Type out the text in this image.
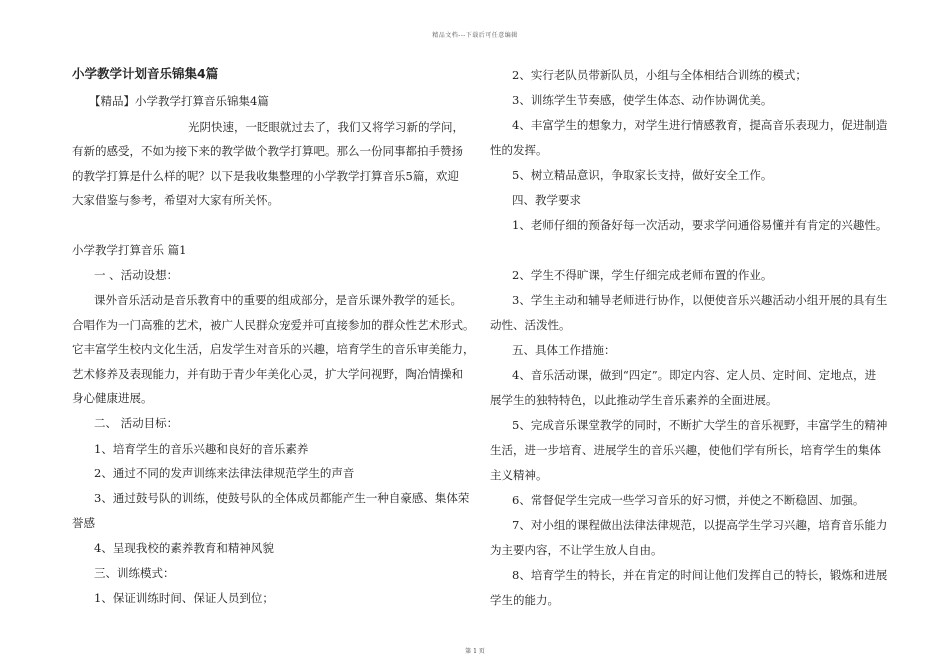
精品文档---下载后可任意编辑
小学教学计划音乐锦集4篇
【精品】小学教学打算音乐锦集4篇
光阴快速，一眨眼就过去了，我们又将学习新的学问，
有新的感受，不如为接下来的教学做个教学打算吧。那么一份同事都拍手赞扬
的教学打算是什么样的呢？以下是我收集整理的小学教学打算音乐5篇，欢迎
大家借鉴与参考，希望对大家有所关怀。
小学教学打算音乐 篇1
一 、活动设想：
课外音乐活动是音乐教育中的重要的组成部分，是音乐课外教学的延长。
合唱作为一门高雅的艺术，被广人民群众宠爱并可直接参加的群众性艺术形式。
它丰富学生校内文化生活，启发学生对音乐的兴趣，培育学生的音乐审美能力，
艺术修养及表现能力，并有助于青少年美化心灵，扩大学问视野，陶冶情操和
身心健康进展。
二、 活动目标：
1、培育学生的音乐兴趣和良好的音乐素养
2、通过不同的发声训练来法律法律规范学生的声音
3、通过鼓号队的训练，使鼓号队的全体成员都能产生一种自豪感、集体荣
誉感
4、呈现我校的素养教育和精神风貌
三、训练模式：
1、保证训练时间、保证人员到位；
2、实行老队员带新队员，小组与全体相结合训练的模式；
3、训练学生节奏感，使学生体态、动作协调优美。
4、丰富学生的想象力，对学生进行情感教育，提高音乐表现力，促进制造
性的发挥。
5、树立精品意识，争取家长支持，做好安全工作。
四、教学要求
1、老师仔细的预备好每一次活动，要求学问通俗易懂并有肯定的兴趣性。
2、学生不得旷课，学生仔细完成老师布置的作业。
3、学生主动和辅导老师进行协作，以便使音乐兴趣活动小组开展的具有生
动性、活泼性。
五、具体工作措施：
4、音乐活动课，做到“四定”。即定内容、定人员、定时间、定地点，进
展学生的独特特色，以此推动学生音乐素养的全面进展。
5、完成音乐课堂教学的同时，不断扩大学生的音乐视野，丰富学生的精神
生活，进一步培育、进展学生的音乐兴趣，使他们学有所长，培育学生的集体
主义精神。
6、常督促学生完成一些学习音乐的好习惯，并使之不断稳固、加强。
7、对小组的课程做出法律法律规范，以提高学生学习兴趣，培育音乐能力
为主要内容，不让学生放人自由。
8、培育学生的特长，并在肯定的时间让他们发挥自己的特长，锻炼和进展
学生的能力。
第 1 页
